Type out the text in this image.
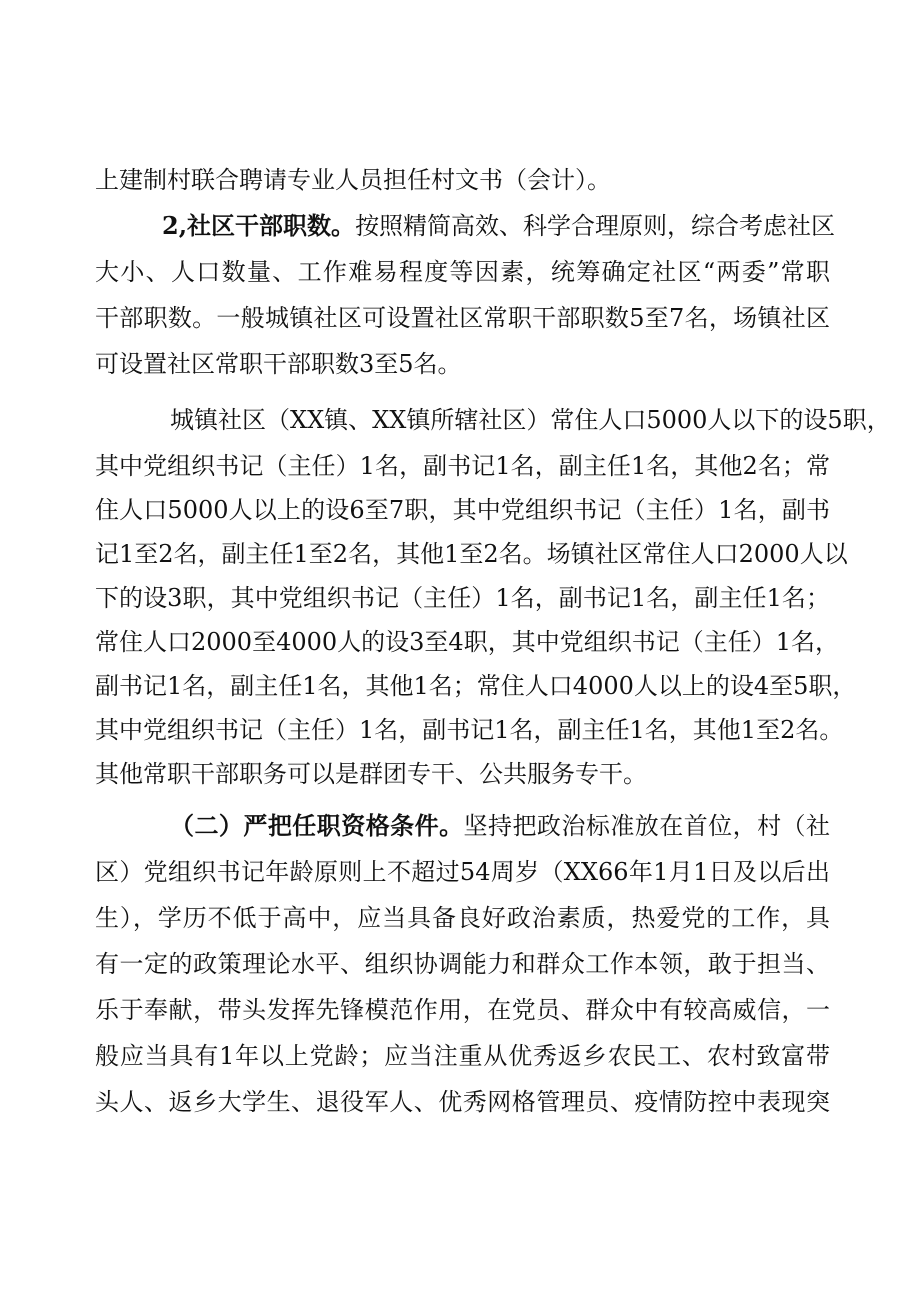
上建制村联合聘请专业人员担任村文书（会计）。
2,社区干部职数。按照精简高效、科学合理原则，综合考虑社区
大小、人口数量、工作难易程度等因素，统筹确定社区“两委”常职
干部职数。一般城镇社区可设置社区常职干部职数5至7名，场镇社区
可设置社区常职干部职数3至5名。
城镇社区（XX镇、XX镇所辖社区）常住人口5000人以下的设5职，
其中党组织书记（主任）1名，副书记1名，副主任1名，其他2名；常
住人口5000人以上的设6至7职，其中党组织书记（主任）1名，副书
记1至2名，副主任1至2名，其他1至2名。场镇社区常住人口2000人以
下的设3职，其中党组织书记（主任）1名，副书记1名，副主任1名；
常住人口2000至4000人的设3至4职，其中党组织书记（主任）1名，
副书记1名，副主任1名，其他1名；常住人口4000人以上的设4至5职，
其中党组织书记（主任）1名，副书记1名，副主任1名，其他1至2名。
其他常职干部职务可以是群团专干、公共服务专干。
（二）严把任职资格条件。坚持把政治标准放在首位，村（社
区）党组织书记年龄原则上不超过54周岁（XX66年1月1日及以后出
生），学历不低于高中，应当具备良好政治素质，热爱党的工作，具
有一定的政策理论水平、组织协调能力和群众工作本领，敢于担当、
乐于奉献，带头发挥先锋模范作用，在党员、群众中有较高威信，一
般应当具有1年以上党龄；应当注重从优秀返乡农民工、农村致富带
头人、返乡大学生、退役军人、优秀网格管理员、疫情防控中表现突
